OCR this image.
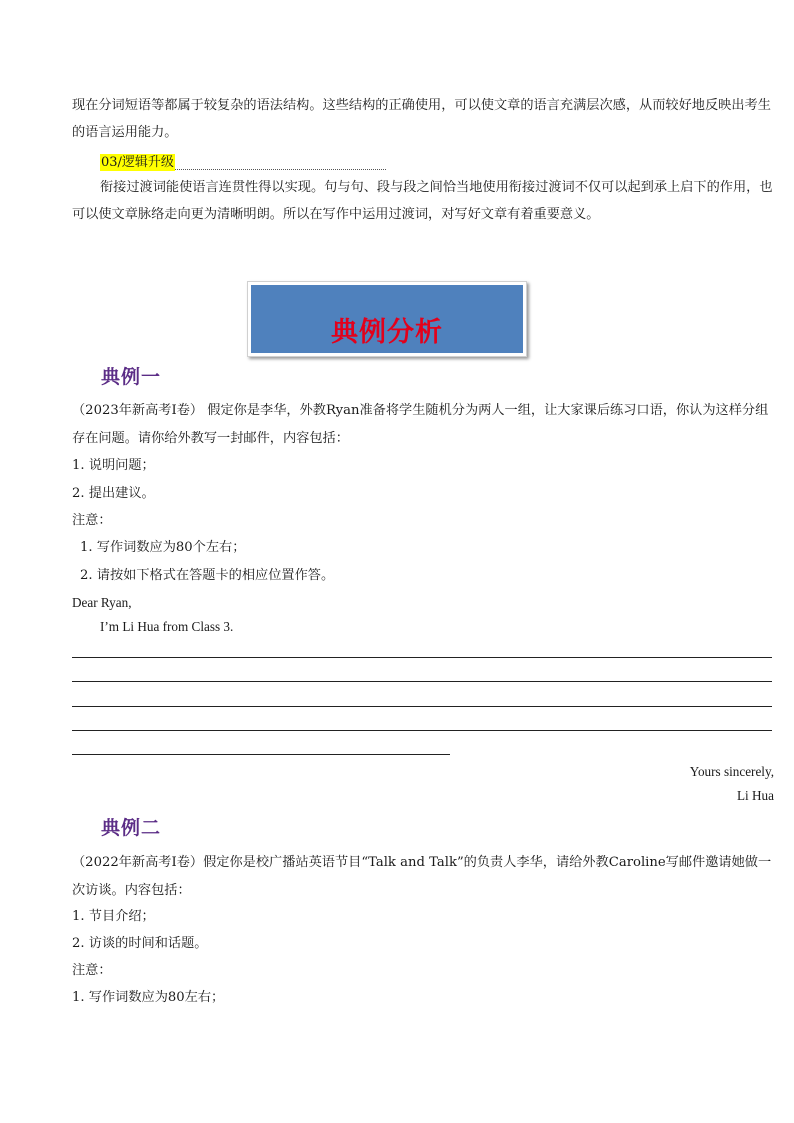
现在分词短语等都属于较复杂的语法结构。这些结构的正确使用，可以使文章的语言充满层次感，从而较好地反映出考生的语言运用能力。

03/逻辑升级

衔接过渡词能使语言连贯性得以实现。句与句、段与段之间恰当地使用衔接过渡词不仅可以起到承上启下的作用，也可以使文章脉络走向更为清晰明朗。所以在写作中运用过渡词，对写好文章有着重要意义。

典例分析
典例一

（2023年新高考Ⅰ卷） 假定你是李华，外教Ryan准备将学生随机分为两人一组，让大家课后练习口语，你认为这样分组存在问题。请你给外教写一封邮件，内容包括：

1. 说明问题；

2. 提出建议。

注意：

1. 写作词数应为80个左右；

2. 请按如下格式在答题卡的相应位置作答。

Dear Ryan,

I’m Li Hua from Class 3.

Yours sincerely,
Li Hua
典例二

（2022年新高考Ⅰ卷）假定你是校广播站英语节目“Talk and Talk”的负责人李华，请给外教Caroline写邮件邀请她做一次访谈。内容包括：

1. 节目介绍；

2. 访谈的时间和话题。

注意：

1. 写作词数应为80左右；
